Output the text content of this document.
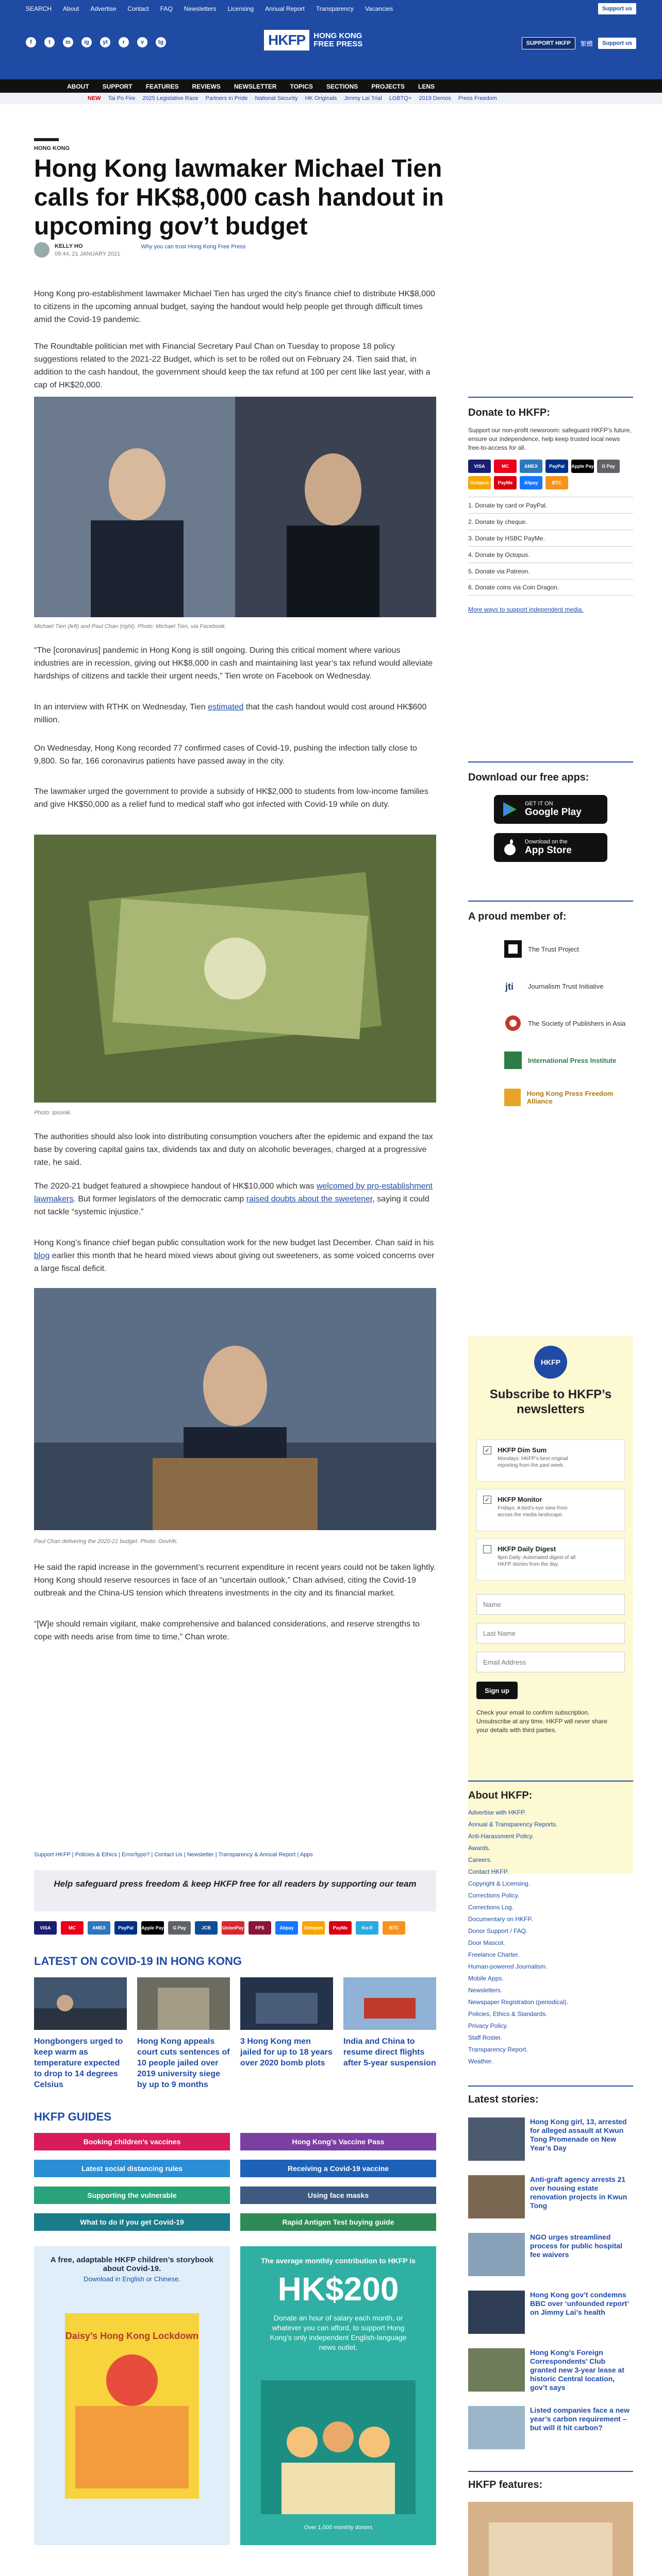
SEARCH About Advertise Contact FAQ Newsletters Licensing Annual Report Transparency Vacancies	Support us
f	t	in	ig	yt	r	v	tg	HKFP	HONG KONG
FREE PRESS	SUPPORT HKFP	繁體	Support us
ABOUT SUPPORT FEATURES REVIEWS NEWSLETTER TOPICS SECTIONS PROJECTS LENS
NEW Tai Po Fire 2025 Legislative Race Partners in Pride National Security HK Originals Jimmy Lai Trial LGBTQ+ 2019 Demos Press Freedom
HONG KONG
Hong Kong lawmaker Michael Tien calls for HK$8,000 cash handout in upcoming gov’t budget
KELLY HO
09:44, 21 JANUARY 2021
Why you can trust Hong Kong Free Press

Hong Kong pro-establishment lawmaker Michael Tien has urged the city’s finance chief to distribute HK$8,000 to citizens in the upcoming annual budget, saying the handout would help people get through difficult times amid the Covid-19 pandemic.

The Roundtable politician met with Financial Secretary Paul Chan on Tuesday to propose 18 policy suggestions related to the 2021-22 Budget, which is set to be rolled out on February 24. Tien said that, in addition to the cash handout, the government should keep the tax refund at 100 per cent like last year, with a cap of HK$20,000.

Michael Tien (left) and Paul Chan (right). Photo: Michael Tien, via Facebook.

“The [coronavirus] pandemic in Hong Kong is still ongoing. During this critical moment where various industries are in recession, giving out HK$8,000 in cash and maintaining last year’s tax refund would alleviate hardships of citizens and tackle their urgent needs,” Tien wrote on Facebook on Wednesday.

In an interview with RTHK on Wednesday, Tien estimated that the cash handout would cost around HK$600 million.

On Wednesday, Hong Kong recorded 77 confirmed cases of Covid-19, pushing the infection tally close to 9,800. So far, 166 coronavirus patients have passed away in the city.

The lawmaker urged the government to provide a subsidy of HK$2,000 to students from low-income families and give HK$50,000 as a relief fund to medical staff who got infected with Covid-19 while on duty.

Photo: Ipsonik.

The authorities should also look into distributing consumption vouchers after the epidemic and expand the tax base by covering capital gains tax, dividends tax and duty on alcoholic beverages, charged at a progressive rate, he said.

The 2020-21 budget featured a showpiece handout of HK$10,000 which was welcomed by pro-establishment lawmakers. But former legislators of the democratic camp raised doubts about the sweetener, saying it could not tackle “systemic injustice.”

Hong Kong’s finance chief began public consultation work for the new budget last December. Chan said in his blog earlier this month that he heard mixed views about giving out sweeteners, as some voiced concerns over a large fiscal deficit.

Paul Chan delivering the 2020-21 budget. Photo: GovHK.

He said the rapid increase in the government’s recurrent expenditure in recent years could not be taken lightly. Hong Kong should reserve resources in face of an “uncertain outlook,” Chan advised, citing the Covid-19 outbreak and the China-US tension which threatens investments in the city and its financial market.

“[W]e should remain vigilant, make comprehensive and balanced considerations, and reserve strengths to cope with needs arise from time to time,” Chan wrote.

Support HKFP | Policies & Ethics | Error/typo? | Contact Us | Newsletter | Transparency & Annual Report | Apps
Help safeguard press freedom & keep HKFP free for all readers by supporting our team
VISA	MC	AMEX	PayPal	Apple Pay	G Pay	JCB	UnionPay	FPS	Alipay	Octopus	PayMe	Ko-fi	BTC
LATEST ON COVID-19 IN HONG KONG
Hongbongers urged to keep warm as temperature expected to drop to 14 degrees Celsius
Hong Kong appeals court cuts sentences of 10 people jailed over 2019 university siege by up to 9 months
3 Hong Kong men jailed for up to 18 years over 2020 bomb plots
India and China to resume direct flights after 5-year suspension
HKFP GUIDES
Booking children’s vaccines	Hong Kong’s Vaccine Pass
Latest social distancing rules	Receiving a Covid-19 vaccine
Supporting the vulnerable	Using face masks
What to do if you get Covid-19	Rapid Antigen Test buying guide
A free, adaptable HKFP children’s storybook about Covid-19.
Download in English or Chinese.
Daisy’s Hong Kong Lockdown
The average monthly contribution to HKFP is
HK$200
Donate an hour of salary each month, or whatever you can afford, to support Hong Kong’s only independent English-language news outlet.
Over 1,000 monthly donors
Donate to HKFP:
Support our non-profit newsroom: safeguard HKFP’s future, ensure our independence, help keep trusted local news free-to-access for all.
VISA	MC	AMEX	PayPal	Apple Pay	G Pay
Octopus	PayMe	Alipay	BTC
1. Donate by card or PayPal.
2. Donate by cheque.
3. Donate by HSBC PayMe.
4. Donate by Octopus.
5. Donate via Patreon.
6. Donate coins via Coin Dragon.
More ways to support independent media.
Download our free apps:
GET IT ON
Google Play
Download on the
App Store
A proud member of:
The Trust Project
jti Journalism Trust Initiative
The Society of Publishers in Asia
International Press Institute
Hong Kong Press Freedom Alliance
HKFP
Subscribe to HKFP’s newsletters
✓ HKFP Dim Sum
Mondays: HKFP’s best original reporting from the past week.
✓ HKFP Monitor
Fridays: A bird’s-eye view from across the media landscape.
HKFP Daily Digest
9pm Daily: Automated digest of all HKFP stories from the day.
Name
Last Name
Email Address
Sign up
Check your email to confirm subscription. Unsubscribe at any time. HKFP will never share your details with third parties.
About HKFP:
Advertise with HKFP.
Annual & Transparency Reports.
Anti-Harassment Policy.
Awards.
Careers.
Contact HKFP.
Copyright & Licensing.
Corrections Policy.
Corrections Log.
Documentary on HKFP.
Donor Support / FAQ.
Door Mascot.
Freelance Charter.
Human-powered Journalism.
Mobile Apps.
Newsletters.
Newspaper Registration (periodical).
Policies, Ethics & Standards.
Privacy Policy.
Staff Roster.
Transparency Report.
Weather.
Latest stories:
Hong Kong girl, 13, arrested for alleged assault at Kwun Tong Promenade on New Year’s Day
Anti-graft agency arrests 21 over housing estate renovation projects in Kwun Tong
NGO urges streamlined process for public hospital fee waivers
Hong Kong gov’t condemns BBC over ‘unfounded report’ on Jimmy Lai’s health
Hong Kong’s Foreign Correspondents’ Club granted new 3-year lease at historic Central location, gov’t says
Listed companies face a new year’s carbon requirement – but will it hit carbon?
HKFP features:
